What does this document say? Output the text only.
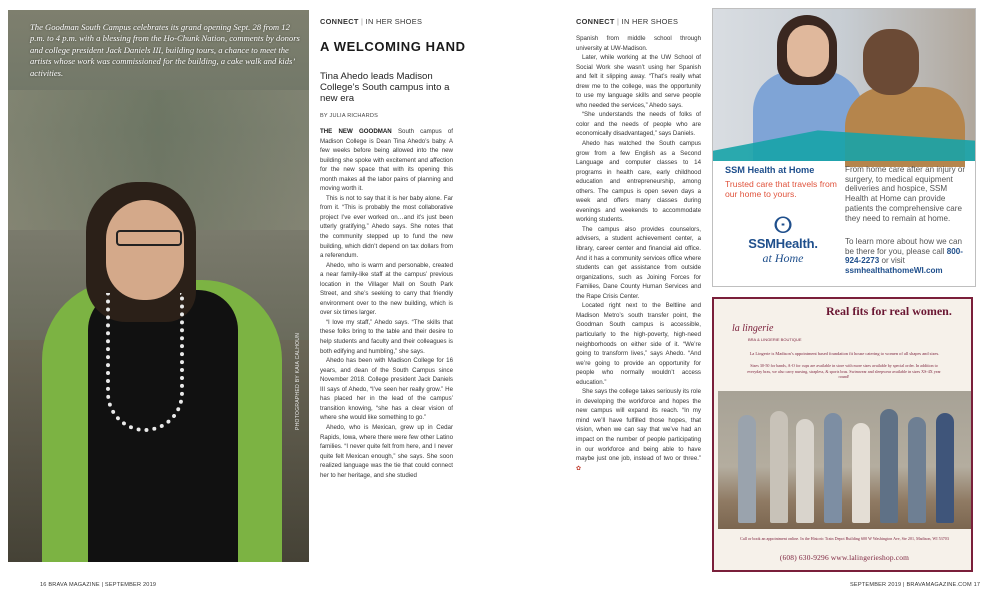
PHOTOGRAPHED BY KAIA CALHOUN

The Goodman South Campus celebrates its grand opening Sept. 28 from 12 p.m. to 4 p.m. with a blessing from the Ho-Chunk Nation, comments by donors and college president Jack Daniels III, building tours, a chance to meet the artists whose work was commissioned for the building, a cake walk and kids’ activities.

CONNECT | IN HER SHOES
A WELCOMING HAND

Tina Ahedo leads Madison College’s South campus into a new era

BY JULIA RICHARDS

THE NEW GOODMAN South campus of Madison College is Dean Tina Ahedo’s baby. A few weeks before being allowed into the new building she spoke with excitement and affection for the new space that with its opening this month makes all the labor pains of planning and moving worth it.

This is not to say that it is her baby alone. Far from it. “This is probably the most collaborative project I’ve ever worked on…and it’s just been utterly gratifying,” Ahedo says. She notes that the community stepped up to fund the new building, which didn’t depend on tax dollars from a referendum.

Ahedo, who is warm and personable, created a near family-like staff at the campus’ previous location in the Villager Mall on South Park Street, and she’s seeking to carry that friendly environment over to the new building, which is over six times larger.

“I love my staff,” Ahedo says. “The skills that these folks bring to the table and their desire to help students and faculty and their colleagues is both edifying and humbling,” she says.

Ahedo has been with Madison College for 16 years, and dean of the South Campus since November 2018. College president Jack Daniels III says of Ahedo, “I’ve seen her really grow.” He has placed her in the lead of the campus’ transition knowing, “she has a clear vision of where she would like something to go.”

Ahedo, who is Mexican, grew up in Cedar Rapids, Iowa, where there were few other Latino families. “I never quite felt from here, and I never quite felt Mexican enough,” she says. She soon realized language was the tie that could connect her to her heritage, and she studied

16 BRAVA MAGAZINE | SEPTEMBER 2019
CONNECT | IN HER SHOES

Spanish from middle school through university at UW-Madison.

Later, while working at the UW School of Social Work she wasn’t using her Spanish and felt it slipping away. “That’s really what drew me to the college, was the opportunity to use my language skills and serve people who needed the services,” Ahedo says.

“She understands the needs of folks of color and the needs of people who are economically disadvantaged,” says Daniels.

Ahedo has watched the South campus grow from a few English as a Second Language and computer classes to 14 programs in health care, early childhood education and entrepreneurship, among others. The campus is open seven days a week and offers many classes during evenings and weekends to accommodate working students.

The campus also provides counselors, advisers, a student achievement center, a library, career center and financial aid office. And it has a community services office where students can get assistance from outside organizations, such as Joining Forces for Families, Dane County Human Services and the Rape Crisis Center.

Located right next to the Beltline and Madison Metro’s south transfer point, the Goodman South campus is accessible, particularly to the high-poverty, high-need neighborhoods on either side of it. “We’re going to transform lives,” says Ahedo. “And we’re going to provide an opportunity for people who normally wouldn’t access education.”

She says the college takes seriously its role in developing the workforce and hopes the new campus will expand its reach. “In my mind we’ll have fulfilled those hopes, that vision, when we can say that we’ve had an impact on the number of people participating in our workforce and being able to have maybe just one job, instead of two or three.” ✿

SSM Health at Home

Trusted care that travels from our home to yours.

ⵙ
SSMHealth.
at Home

From home care after an injury or surgery, to medical equipment deliveries and hospice, SSM Health at Home can provide patients the comprehensive care they need to remain at home.

To learn more about how we can be there for you, please call 800-924-2273 or visit ssmhealthathomeWI.com

Real fits for real women.
la lingerie
BRA & LINGERIE BOUTIQUE

La Lingerie is Madison’s appointment based foundation fit house catering to women of all shapes and sizes.

Sizes 30-50 for bands, A-O for cups are available in store with more sizes available by special order. In addition to everyday bras, we also carry nursing, strapless, & sports bras. Swimwear and sleepwear available in sizes XS-4X year round!

Call or book an appointment online. In the Historic Train Depot Building 600 W Washington Ave, Ste 201, Madison, WI 53703

(608) 630-9296 www.lalingerieshop.com

SEPTEMBER 2019 | BRAVAMAGAZINE.COM 17
